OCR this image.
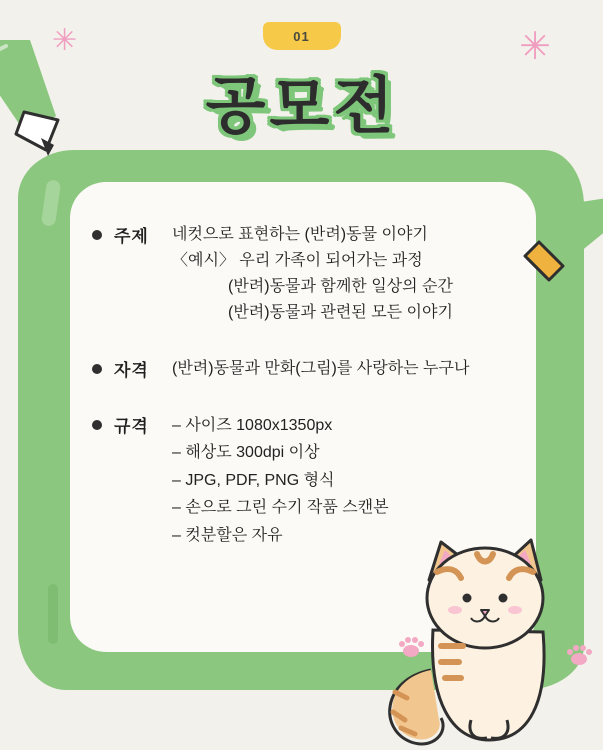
✳	✳
01
공모전
주제	네컷으로 표현하는 (반려)동물 이야기
〈예시〉 우리 가족이 되어가는 과정
(반려)동물과 함께한 일상의 순간
(반려)동물과 관련된 모든 이야기
자격	(반려)동물과 만화(그림)를 사랑하는 누구나
규격	– 사이즈 1080x1350px
– 해상도 300dpi 이상
– JPG, PDF, PNG 형식
– 손으로 그린 수기 작품 스캔본
– 컷분할은 자유
